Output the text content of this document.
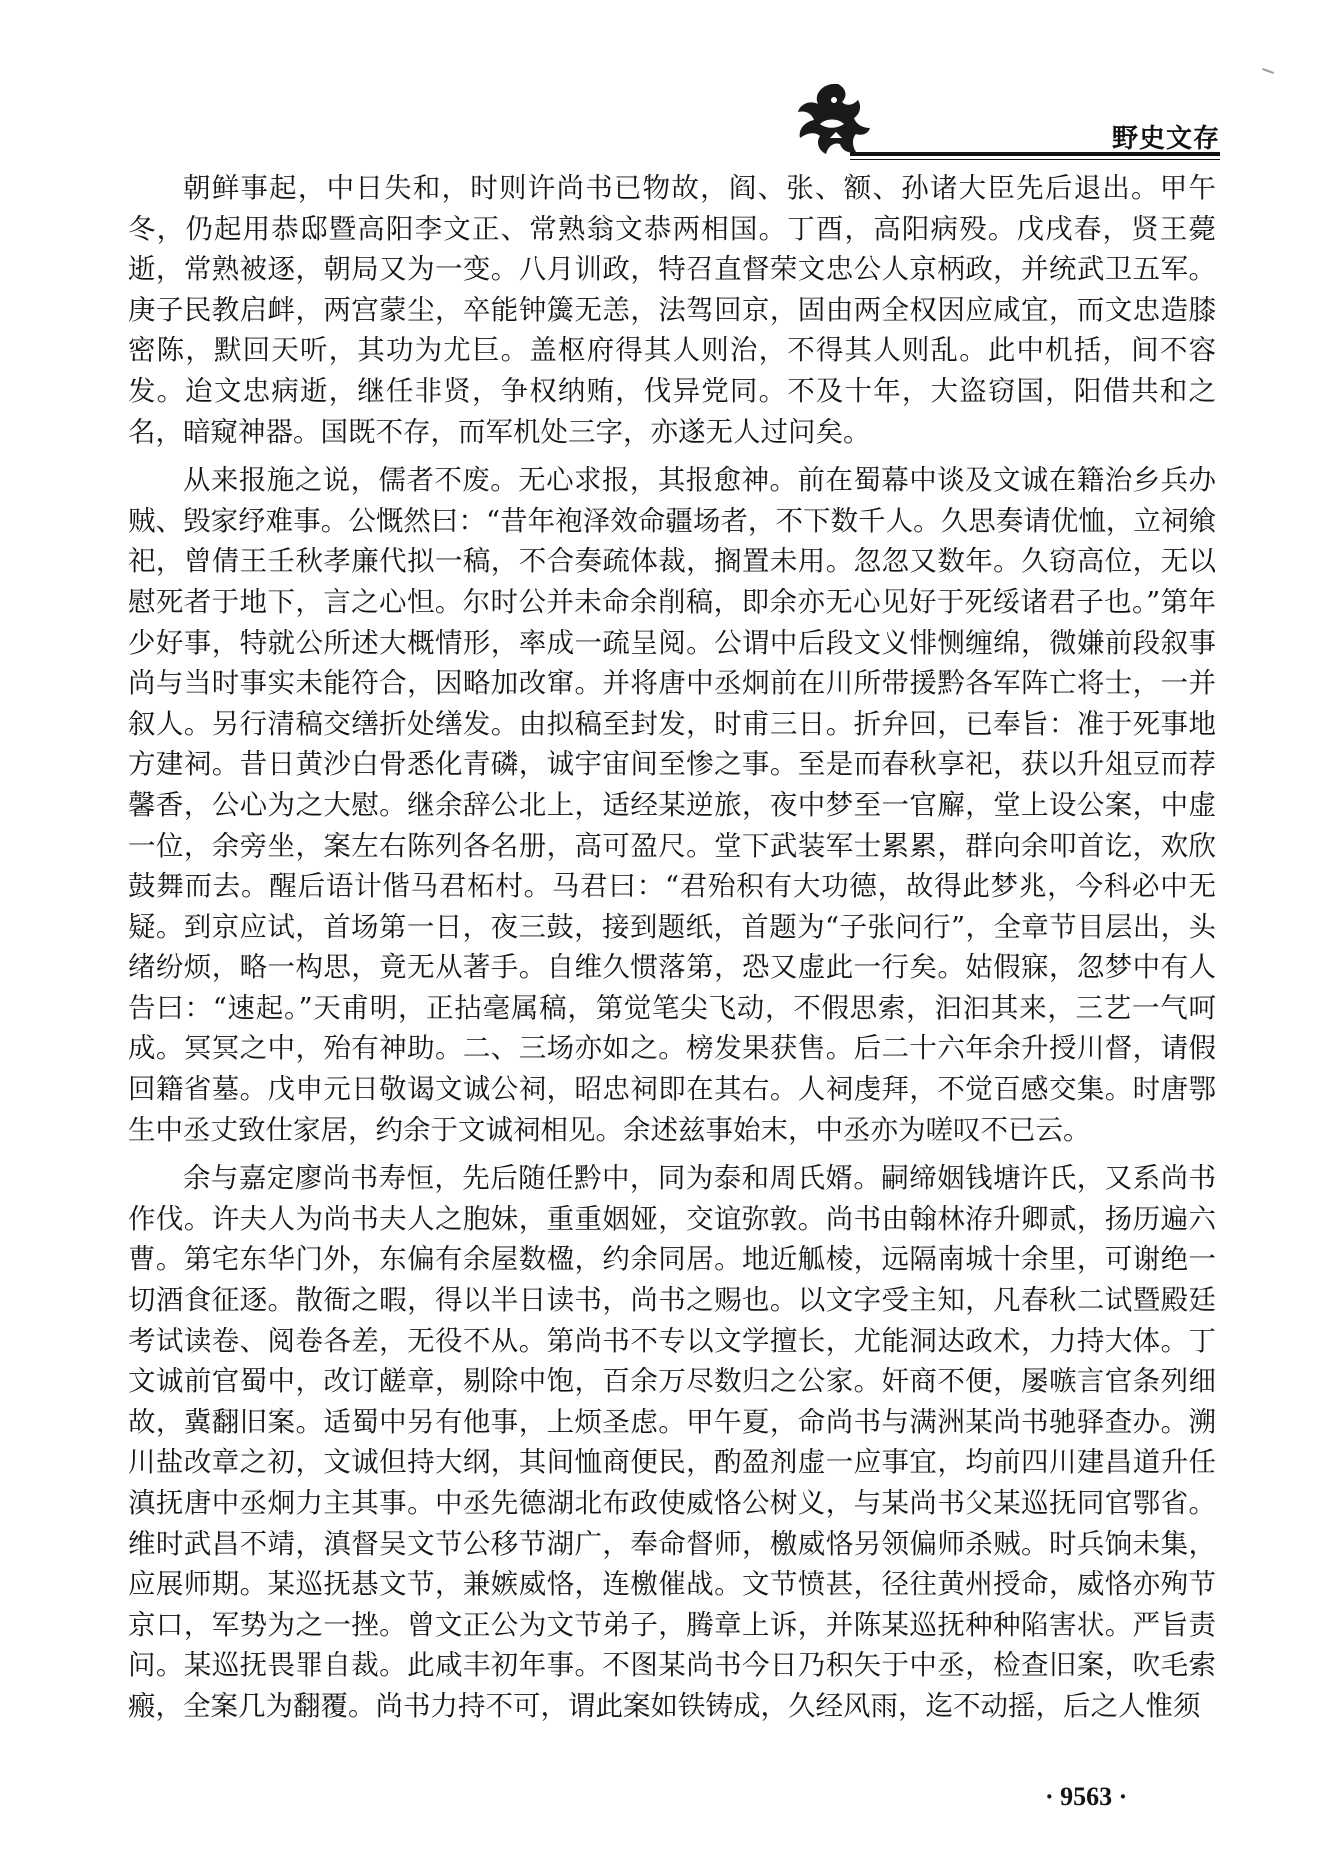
野史文存

朝鲜事起，中日失和，时则许尚书已物故，阎、张、额、孙诸大臣先后退出。甲午冬，仍起用恭邸暨高阳李文正、常熟翁文恭两相国。丁酉，高阳病殁。戊戌春，贤王薨逝，常熟被逐，朝局又为一变。八月训政，特召直督荣文忠公人京柄政，并统武卫五军。庚子民教启衅，两宫蒙尘，卒能钟簴无恙，法驾回京，固由两全权因应咸宜，而文忠造膝密陈，默回天听，其功为尤巨。盖枢府得其人则治，不得其人则乱。此中机括，间不容发。迨文忠病逝，继任非贤，争权纳贿，伐异党同。不及十年，大盗窃国，阳借共和之名，暗窥神器。国既不存，而军机处三字，亦遂无人过问矣。

从来报施之说，儒者不废。无心求报，其报愈神。前在蜀幕中谈及文诚在籍治乡兵办贼、毁家纾难事。公慨然曰：“昔年袍泽效命疆场者，不下数千人。久思奏请优恤，立祠飨祀，曾倩王壬秋孝廉代拟一稿，不合奏疏体裁，搁置未用。忽忽又数年。久窃高位，无以慰死者于地下，言之心怛。尔时公并未命余削稿，即余亦无心见好于死绥诸君子也。”第年少好事，特就公所述大概情形，率成一疏呈阅。公谓中后段文义悱恻缠绵，微嫌前段叙事尚与当时事实未能符合，因略加改窜。并将唐中丞炯前在川所带援黔各军阵亡将士，一并叙人。另行清稿交缮折处缮发。由拟稿至封发，时甫三日。折弁回，已奉旨：准于死事地方建祠。昔日黄沙白骨悉化青磷，诚宇宙间至惨之事。至是而春秋享祀，获以升俎豆而荐馨香，公心为之大慰。继余辞公北上，适经某逆旅，夜中梦至一官廨，堂上设公案，中虚一位，余旁坐，案左右陈列各名册，高可盈尺。堂下武装军士累累，群向余叩首讫，欢欣鼓舞而去。醒后语计偕马君柘村。马君曰：“君殆积有大功德，故得此梦兆，今科必中无疑。到京应试，首场第一日，夜三鼓，接到题纸，首题为“子张问行”，全章节目层出，头绪纷烦，略一构思，竟无从著手。自维久惯落第，恐又虚此一行矣。姑假寐，忽梦中有人告曰：“速起。”天甫明，正拈毫属稿，第觉笔尖飞动，不假思索，汩汩其来，三艺一气呵成。冥冥之中，殆有神助。二、三场亦如之。榜发果获售。后二十六年余升授川督，请假回籍省墓。戊申元日敬谒文诚公祠，昭忠祠即在其右。人祠虔拜，不觉百感交集。时唐鄂生中丞丈致仕家居，约余于文诚祠相见。余述兹事始末，中丞亦为嗟叹不已云。

余与嘉定廖尚书寿恒，先后随任黔中，同为泰和周氏婿。嗣缔姻钱塘许氏，又系尚书作伐。许夫人为尚书夫人之胞妹，重重姻娅，交谊弥敦。尚书由翰林洊升卿贰，扬历遍六曹。第宅东华门外，东偏有余屋数楹，约余同居。地近觚棱，远隔南城十余里，可谢绝一切酒食征逐。散衙之暇，得以半日读书，尚书之赐也。以文字受主知，凡春秋二试暨殿廷考试读卷、阅卷各差，无役不从。第尚书不专以文学擅长，尤能洞达政术，力持大体。丁文诚前官蜀中，改订鹾章，剔除中饱，百余万尽数归之公家。奸商不便，屡嗾言官条列细故，冀翻旧案。适蜀中另有他事，上烦圣虑。甲午夏，命尚书与满洲某尚书驰驿查办。溯川盐改章之初，文诚但持大纲，其间恤商便民，酌盈剂虚一应事宜，均前四川建昌道升任滇抚唐中丞炯力主其事。中丞先德湖北布政使威恪公树义，与某尚书父某巡抚同官鄂省。维时武昌不靖，滇督吴文节公移节湖广，奉命督师，檄威恪另领偏师杀贼。时兵饷未集，应展师期。某巡抚惎文节，兼嫉威恪，连檄催战。文节愤甚，径往黄州授命，威恪亦殉节京口，军势为之一挫。曾文正公为文节弟子，腾章上诉，并陈某巡抚种种陷害状。严旨责问。某巡抚畏罪自裁。此咸丰初年事。不图某尚书今日乃积矢于中丞，检查旧案，吹毛索瘢，全案几为翻覆。尚书力持不可，谓此案如铁铸成，久经风雨，迄不动摇，后之人惟须

· 9563 ·
